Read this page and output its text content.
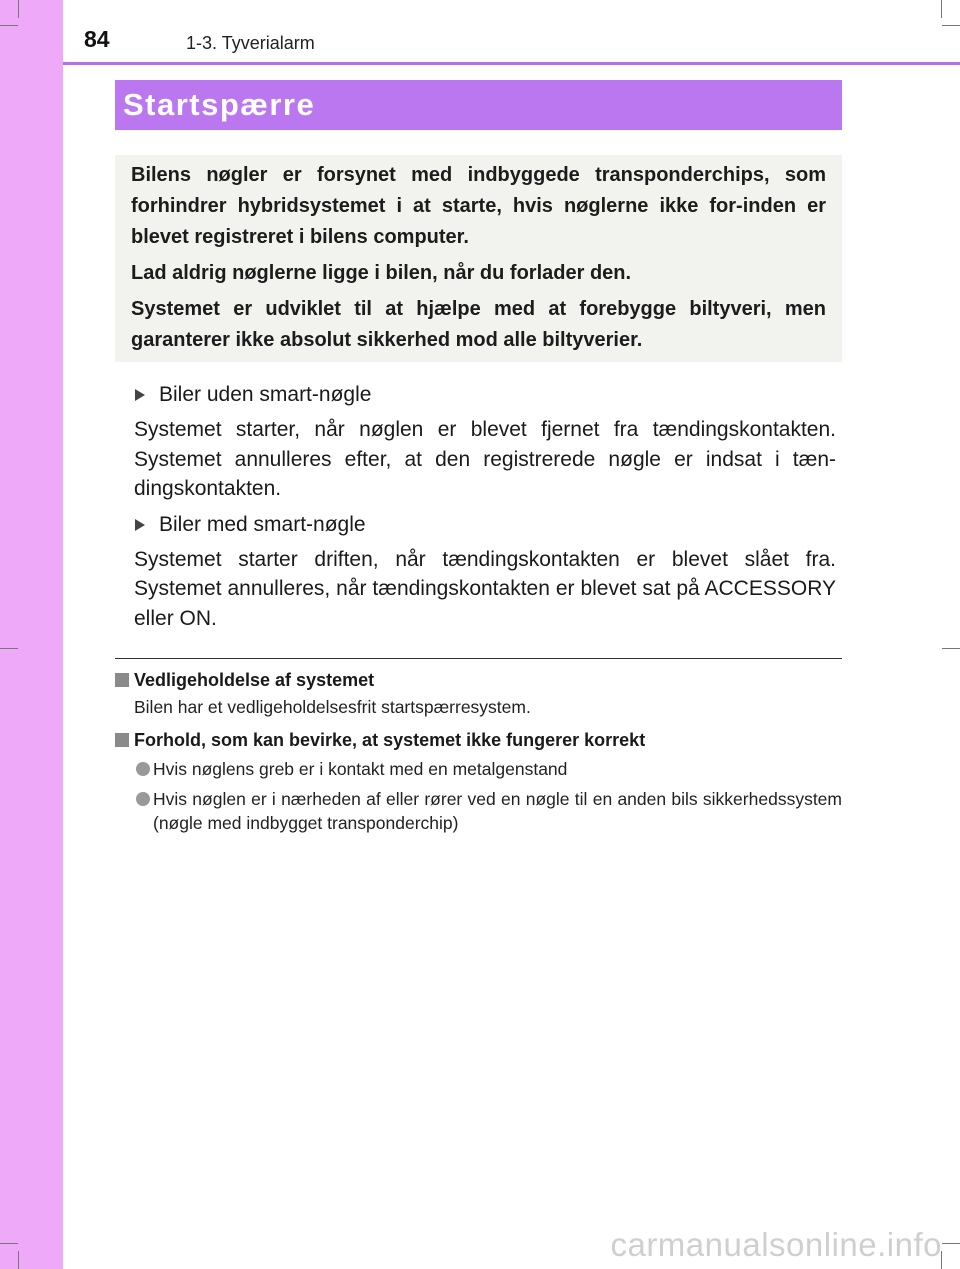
84	1-3. Tyverialarm
Startspærre

Bilens nøgler er forsynet med indbyggede transponderchips, som forhindrer hybridsystemet i at starte, hvis nøglerne ikke for-inden er blevet registreret i bilens computer.

Lad aldrig nøglerne ligge i bilen, når du forlader den.

Systemet er udviklet til at hjælpe med at forebygge biltyveri, men garanterer ikke absolut sikkerhed mod alle biltyverier.

Biler uden smart-nøgle

Systemet starter, når nøglen er blevet fjernet fra tændingskontakten. Systemet annulleres efter, at den registrerede nøgle er indsat i tæn-dingskontakten.

Biler med smart-nøgle

Systemet starter driften, når tændingskontakten er blevet slået fra. Systemet annulleres, når tændingskontakten er blevet sat på ACCESSORY eller ON.

Vedligeholdelse af systemet

Bilen har et vedligeholdelsesfrit startspærresystem.

Forhold, som kan bevirke, at systemet ikke fungerer korrekt
Hvis nøglens greb er i kontakt med en metalgenstand
Hvis nøglen er i nærheden af eller rører ved en nøgle til en anden bils sikkerhedssystem (nøgle med indbygget transponderchip)
carmanualsonline.info
